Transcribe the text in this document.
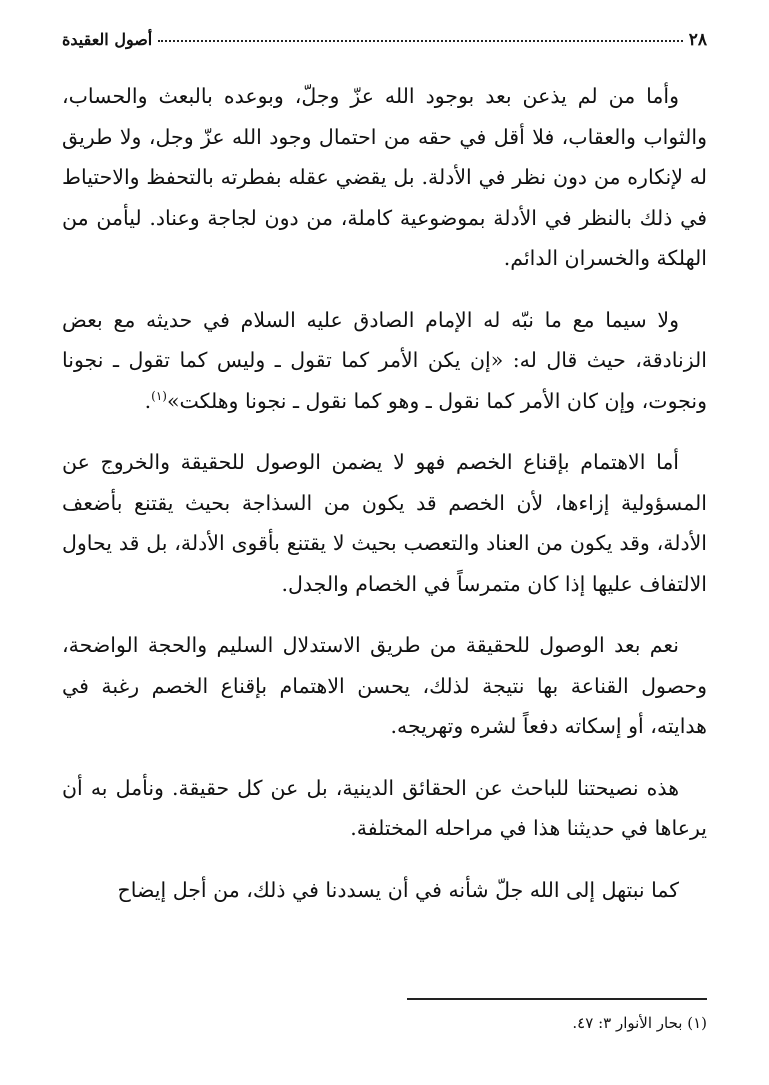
٢٨
أصول العقيدة

وأما من لم يذعن بعد بوجود الله عزّ وجلّ، وبوعده بالبعث والحساب، والثواب والعقاب، فلا أقل في حقه من احتمال وجود الله عزّ وجل، ولا طريق له لإنكاره من دون نظر في الأدلة. بل يقضي عقله بفطرته بالتحفظ والاحتياط في ذلك بالنظر في الأدلة بموضوعية كاملة، من دون لجاجة وعناد. ليأمن من الهلكة والخسران الدائم.

ولا سيما مع ما نبّه له الإمام الصادق عليه السلام في حديثه مع بعض الزنادقة، حيث قال له: «إن يكن الأمر كما تقول ـ وليس كما تقول ـ نجونا ونجوت، وإن كان الأمر كما نقول ـ وهو كما نقول ـ نجونا وهلكت»$^{(١)}$.

أما الاهتمام بإقناع الخصم فهو لا يضمن الوصول للحقيقة والخروج عن المسؤولية إزاءها، لأن الخصم قد يكون من السذاجة بحيث يقتنع بأضعف الأدلة، وقد يكون من العناد والتعصب بحيث لا يقتنع بأقوى الأدلة، بل قد يحاول الالتفاف عليها إذا كان متمرساً في الخصام والجدل.

نعم بعد الوصول للحقيقة من طريق الاستدلال السليم والحجة الواضحة، وحصول القناعة بها نتيجة لذلك، يحسن الاهتمام بإقناع الخصم رغبة في هدايته، أو إسكاته دفعاً لشره وتهريجه.

هذه نصيحتنا للباحث عن الحقائق الدينية، بل عن كل حقيقة. ونأمل به أن يرعاها في حديثنا هذا في مراحله المختلفة.

كما نبتهل إلى الله جلّ شأنه في أن يسددنا في ذلك، من أجل إيضاح

(١) بحار الأنوار ٣: ٤٧.
